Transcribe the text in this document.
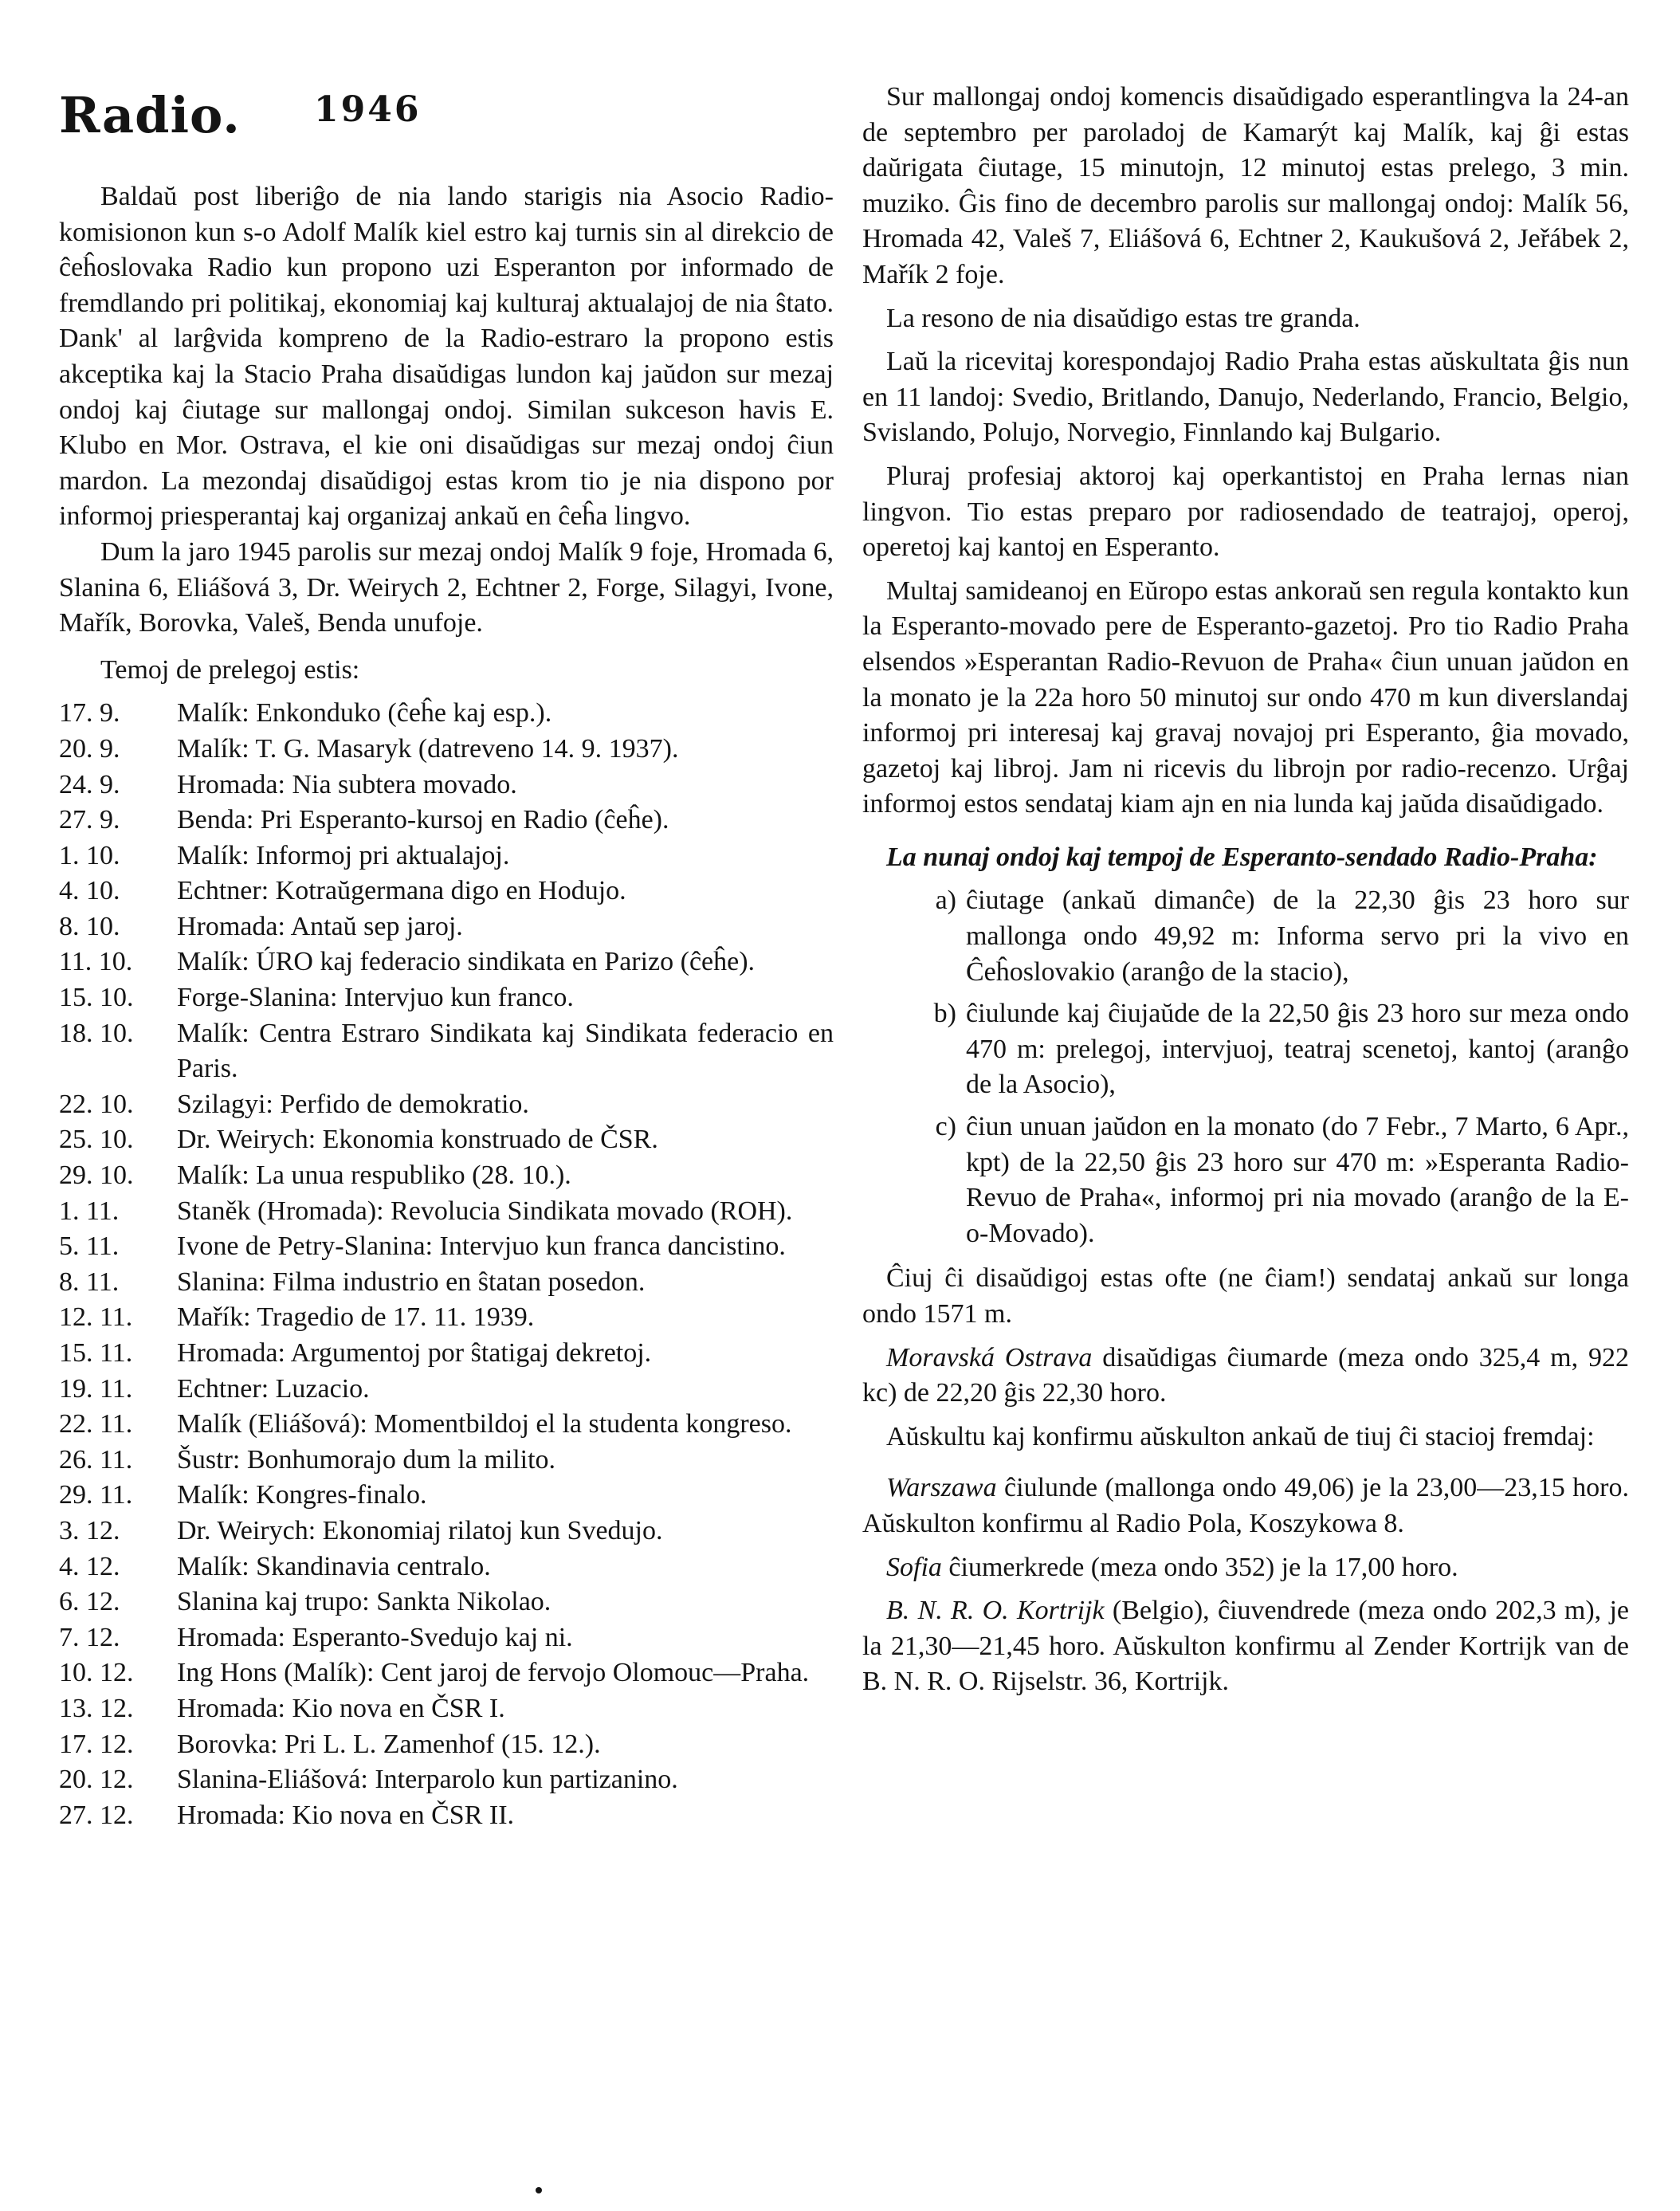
Radio. 1946

Baldaŭ post liberiĝo de nia lando starigis nia Asocio Radio-komisionon kun s-o Adolf Malík kiel estro kaj turnis sin al direkcio de ĉeĥoslovaka Radio kun propono uzi Esperanton por informado de fremdlando pri politikaj, ekonomiaj kaj kulturaj aktualajoj de nia ŝtato. Dank' al larĝvida kompreno de la Radio-estraro la propono estis akceptika kaj la Stacio Praha disaŭdigas lundon kaj jaŭdon sur mezaj ondoj kaj ĉiutage sur mallongaj ondoj. Similan sukceson havis E. Klubo en Mor. Ostrava, el kie oni disaŭdigas sur mezaj ondoj ĉiun mardon. La mezondaj disaŭdigoj estas krom tio je nia dispono por informoj priesperantaj kaj organizaj ankaŭ en ĉeĥa lingvo.

Dum la jaro 1945 parolis sur mezaj ondoj Malík 9 foje, Hromada 6, Slanina 6, Eliášová 3, Dr. Weirych 2, Echtner 2, Forge, Silagyi, Ivone, Mařík, Borovka, Valeš, Benda unufoje.

Temoj de prelegoj estis:

17. 9.	Malík: Enkonduko (ĉeĥe kaj esp.).
20. 9.	Malík: T. G. Masaryk (datreveno 14. 9. 1937).
24. 9.	Hromada: Nia subtera movado.
27. 9.	Benda: Pri Esperanto-kursoj en Radio (ĉeĥe).
1. 10.	Malík: Informoj pri aktualajoj.
4. 10.	Echtner: Kotraŭgermana digo en Hodujo.
8. 10.	Hromada: Antaŭ sep jaroj.
11. 10.	Malík: ÚRO kaj federacio sindikata en Parizo (ĉeĥe).
15. 10.	Forge-Slanina: Intervjuo kun franco.
18. 10.	Malík: Centra Estraro Sindikata kaj Sindikata federacio en Paris.
22. 10.	Szilagyi: Perfido de demokratio.
25. 10.	Dr. Weirych: Ekonomia konstruado de ČSR.
29. 10.	Malík: La unua respubliko (28. 10.).
1. 11.	Staněk (Hromada): Revolucia Sindikata movado (ROH).
5. 11.	Ivone de Petry-Slanina: Intervjuo kun franca dancistino.
8. 11.	Slanina: Filma industrio en ŝtatan posedon.
12. 11.	Mařík: Tragedio de 17. 11. 1939.
15. 11.	Hromada: Argumentoj por ŝtatigaj dekretoj.
19. 11.	Echtner: Luzacio.
22. 11.	Malík (Eliášová): Momentbildoj el la studenta kongreso.
26. 11.	Šustr: Bonhumorajo dum la milito.
29. 11.	Malík: Kongres-finalo.
3. 12.	Dr. Weirych: Ekonomiaj rilatoj kun Svedujo.
4. 12.	Malík: Skandinavia centralo.
6. 12.	Slanina kaj trupo: Sankta Nikolao.
7. 12.	Hromada: Esperanto-Svedujo kaj ni.
10. 12.	Ing Hons (Malík): Cent jaroj de fervojo Olomouc—Praha.
13. 12.	Hromada: Kio nova en ČSR I.
17. 12.	Borovka: Pri L. L. Zamenhof (15. 12.).
20. 12.	Slanina-Eliášová: Interparolo kun partizanino.
27. 12.	Hromada: Kio nova en ČSR II.

Sur mallongaj ondoj komencis disaŭdigado esperantlingva la 24-an de septembro per paroladoj de Kamarýt kaj Malík, kaj ĝi estas daŭrigata ĉiutage, 15 minutojn, 12 minutoj estas prelego, 3 min. muziko. Ĝis fino de decembro parolis sur mallongaj ondoj: Malík 56, Hromada 42, Valeš 7, Eliášová 6, Echtner 2, Kaukušová 2, Jeřábek 2, Mařík 2 foje.

La resono de nia disaŭdigo estas tre granda.

Laŭ la ricevitaj korespondajoj Radio Praha estas aŭskultata ĝis nun en 11 landoj: Svedio, Britlando, Danujo, Nederlando, Francio, Belgio, Svislando, Polujo, Norvegio, Finnlando kaj Bulgario.

Pluraj profesiaj aktoroj kaj operkantistoj en Praha lernas nian lingvon. Tio estas preparo por radiosendado de teatrajoj, operoj, operetoj kaj kantoj en Esperanto.

Multaj samideanoj en Eŭropo estas ankoraŭ sen regula kontakto kun la Esperanto-movado pere de Esperanto-gazetoj. Pro tio Radio Praha elsendos »Esperantan Radio-Revuon de Praha« ĉiun unuan jaŭdon en la monato je la 22a horo 50 minutoj sur ondo 470 m kun diverslandaj informoj pri interesaj kaj gravaj novajoj pri Esperanto, ĝia movado, gazetoj kaj libroj. Jam ni ricevis du librojn por radio-recenzo. Urĝaj informoj estos sendataj kiam ajn en nia lunda kaj jaŭda disaŭdigado.

La nunaj ondoj kaj tempoj de Esperanto-sendado Radio-Praha:

a) ĉiutage (ankaŭ dimanĉe) de la 22,30 ĝis 23 horo sur mallonga ondo 49,92 m: Informa servo pri la vivo en Ĉeĥoslovakio (aranĝo de la stacio),
b) ĉiulunde kaj ĉiujaŭde de la 22,50 ĝis 23 horo sur meza ondo 470 m: prelegoj, intervjuoj, teatraj scenetoj, kantoj (aranĝo de la Asocio),
c) ĉiun unuan jaŭdon en la monato (do 7 Febr., 7 Marto, 6 Apr., kpt) de la 22,50 ĝis 23 horo sur 470 m: »Esperanta Radio-Revuo de Praha«, informoj pri nia movado (aranĝo de la E-o-Movado).

Ĉiuj ĉi disaŭdigoj estas ofte (ne ĉiam!) sendataj ankaŭ sur longa ondo 1571 m.

Moravská Ostrava disaŭdigas ĉiumarde (meza ondo 325,4 m, 922 kc) de 22,20 ĝis 22,30 horo.

Aŭskultu kaj konfirmu aŭskulton ankaŭ de tiuj ĉi stacioj fremdaj:

Warszawa ĉiulunde (mallonga ondo 49,06) je la 23,00—23,15 horo. Aŭskulton konfirmu al Radio Pola, Koszykowa 8.

Sofia ĉiumerkrede (meza ondo 352) je la 17,00 horo.

B. N. R. O. Kortrijk (Belgio), ĉiuvendrede (meza ondo 202,3 m), je la 21,30—21,45 horo. Aŭskulton konfirmu al Zender Kortrijk van de B. N. R. O. Rijselstr. 36, Kortrijk.
